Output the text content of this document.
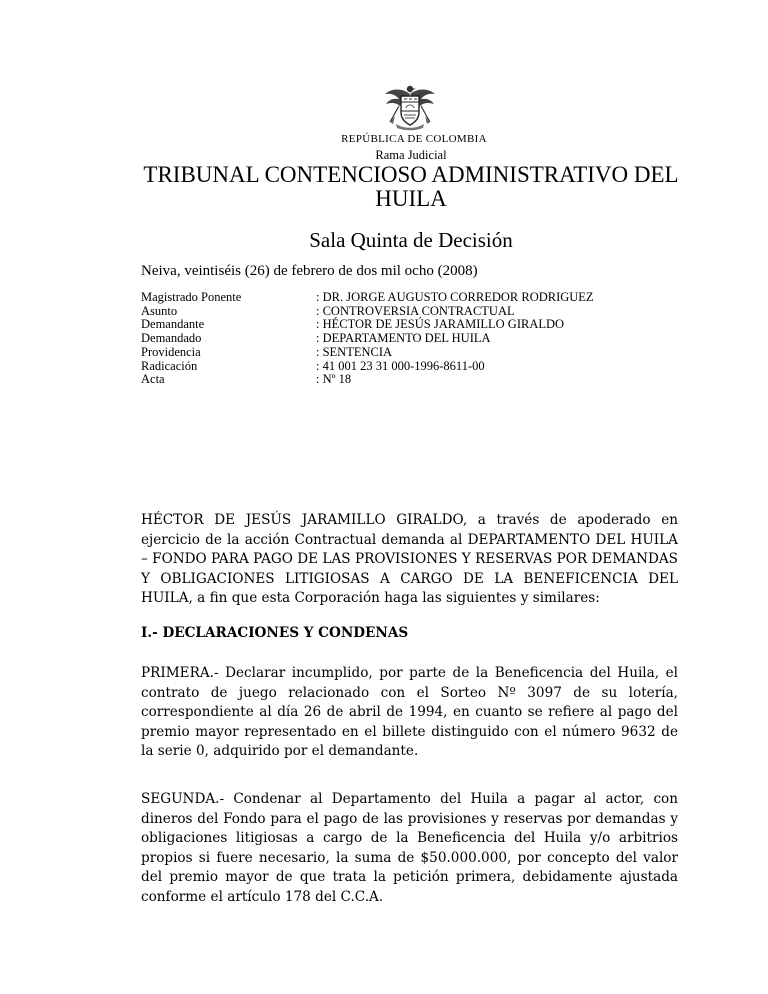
REPÚBLICA DE COLOMBIA
Rama Judicial
TRIBUNAL CONTENCIOSO ADMINISTRATIVO DEL HUILA
Sala Quinta de Decisión
Neiva, veintiséis (26) de febrero de dos mil ocho (2008)
Magistrado Ponente	: DR. JORGE AUGUSTO CORREDOR RODRIGUEZ
Asunto	: CONTROVERSIA CONTRACTUAL
Demandante	: HÉCTOR DE JESÚS JARAMILLO GIRALDO
Demandado	: DEPARTAMENTO DEL HUILA
Providencia	: SENTENCIA
Radicación	: 41 001 23 31 000-1996-8611-00
Acta	: Nº 18
HÉCTOR DE JESÚS JARAMILLO GIRALDO, a través de apoderado en ejercicio de la acción Contractual demanda al DEPARTAMENTO DEL HUILA – FONDO PARA PAGO DE LAS PROVISIONES Y RESERVAS POR DEMANDAS Y OBLIGACIONES LITIGIOSAS A CARGO DE LA BENEFICENCIA DEL HUILA, a fin que esta Corporación haga las siguientes y similares:
I.- DECLARACIONES Y CONDENAS
PRIMERA.- Declarar incumplido, por parte de la Beneficencia del Huila, el contrato de juego relacionado con el Sorteo Nº 3097 de su lotería, correspondiente al día 26 de abril de 1994, en cuanto se refiere al pago del premio mayor representado en el billete distinguido con el número 9632 de la serie 0, adquirido por el demandante.
SEGUNDA.- Condenar al Departamento del Huila a pagar al actor, con dineros del Fondo para el pago de las provisiones y reservas por demandas y obligaciones litigiosas a cargo de la Beneficencia del Huila y/o arbitrios propios si fuere necesario, la suma de $50.000.000, por concepto del valor del premio mayor de que trata la petición primera, debidamente ajustada conforme el artículo 178 del C.C.A.
